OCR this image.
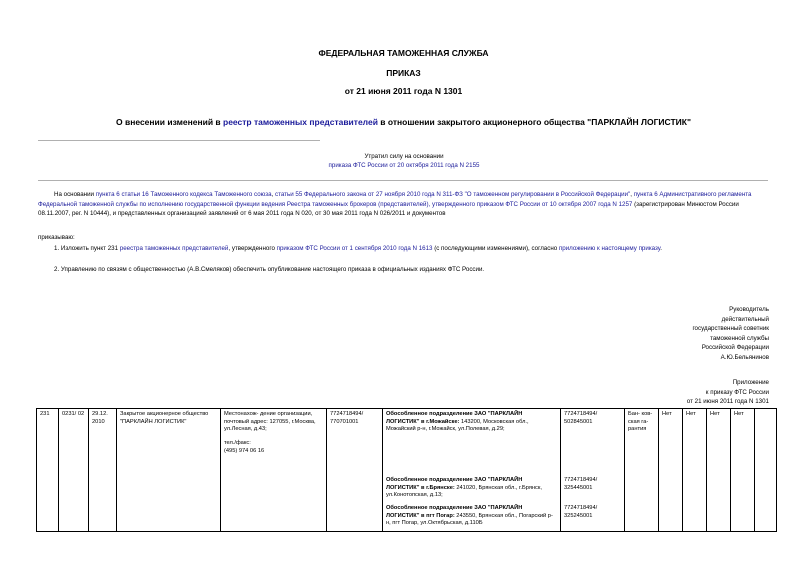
ФЕДЕРАЛЬНАЯ ТАМОЖЕННАЯ СЛУЖБА
ПРИКАЗ
от 21 июня 2011 года N 1301
О внесении изменений в реестр таможенных представителей в отношении закрытого акционерного общества "ПАРКЛАЙН ЛОГИСТИК"
Утратил силу на основании
приказа ФТС России от 20 октября 2011 года N 2155
На основании пункта 6 статьи 16 Таможенного кодекса Таможенного союза, статьи 55 Федерального закона от 27 ноября 2010 года N 311-ФЗ "О таможенном регулировании в Российской Федерации", пункта 6 Административного регламента Федеральной таможенной службы по исполнению государственной функции ведения Реестра таможенных брокеров (представителей), утвержденного приказом ФТС России от 10 октября 2007 года N 1257 (зарегистрирован Минюстом России 08.11.2007, рег. N 10444), и представленных организацией заявлений от 6 мая 2011 года N 020, от 30 мая 2011 года N 026/2011 и документов
приказываю:
1. Изложить пункт 231 реестра таможенных представителей, утвержденного приказом ФТС России от 1 сентября 2010 года N 1613 (с последующими изменениями), согласно приложению к настоящему приказу.
2. Управлению по связям с общественностью (А.В.Смеляков) обеспечить опубликование настоящего приказа в официальных изданиях ФТС России.
Руководитель
действительный
государственный советник
таможенной службы
Российской Федерации
А.Ю.Бельянинов
Приложение
к приказу ФТС России
от 21 июня 2011 года N 1301
231	0231/ 02	29.12. 2010	Закрытое акционерное общество "ПАРКЛАЙН ЛОГИСТИК"	Местонахож- дение организации, почтовый адрес: 127055, г.Москва, ул.Лесная, д.43;
тел./факс:
(495) 974 06 16	7724718494/ 770701001	Обособленное подразделение ЗАО "ПАРКЛАЙН ЛОГИСТИК" в г.Можайске: 143200, Московская обл., Можайский р-н, г.Можайск, ул.Полевая, д.29;	7724718494/ 502845001	Бан- ков- ская га- рантия	Нет	Нет	Нет	Нет	
						Обособленное подразделение ЗАО "ПАРКЛАЙН ЛОГИСТИК" в г.Брянске: 241020, Брянская обл., г.Брянск, ул.Конотопская, д.13;	7724718494/ 325445001						
						Обособленное подразделение ЗАО "ПАРКЛАЙН ЛОГИСТИК" в пгт Погар: 243550, Брянская обл., Погарский р-н, пгт Погар, ул.Октябрьская, д.110Б	7724718494/ 325245001						
